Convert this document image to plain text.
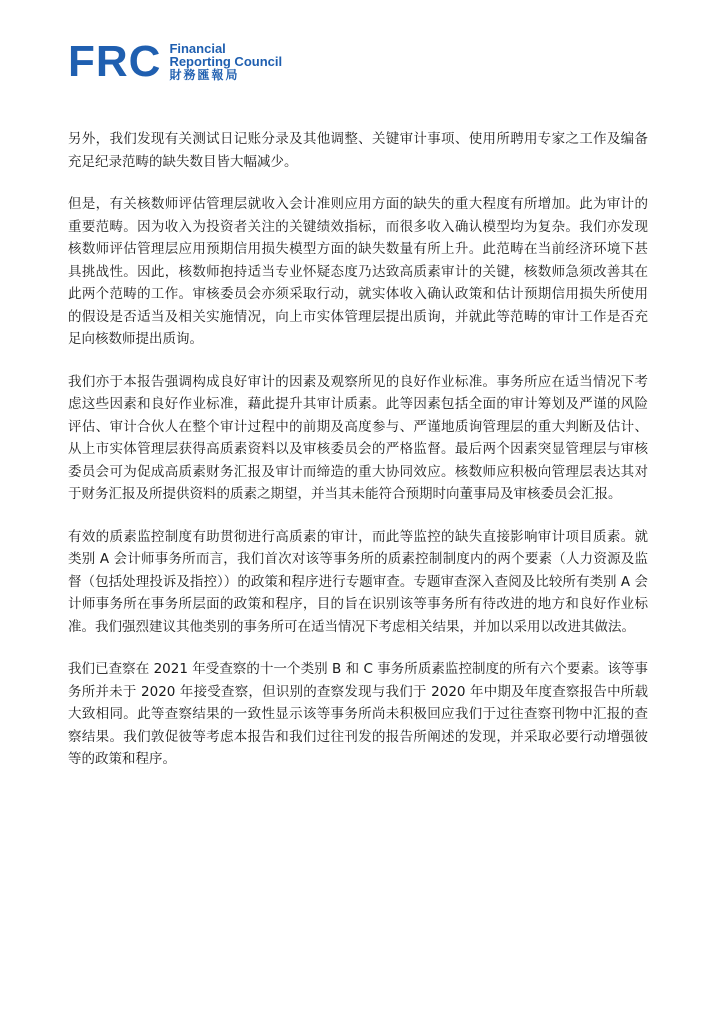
FRC Financial
Reporting Council
財務匯報局

另外，我们发现有关测试日记账分录及其他调整、关键审计事项、使用所聘用专家之工作及编备充足纪录范畴的缺失数目皆大幅减少。

但是，有关核数师评估管理层就收入会计准则应用方面的缺失的重大程度有所增加。此为审计的重要范畴。因为收入为投资者关注的关键绩效指标，而很多收入确认模型均为复杂。我们亦发现核数师评估管理层应用预期信用损失模型方面的缺失数量有所上升。此范畴在当前经济环境下甚具挑战性。因此，核数师抱持适当专业怀疑态度乃达致高质素审计的关键，核数师急须改善其在此两个范畴的工作。审核委员会亦须采取行动，就实体收入确认政策和估计预期信用损失所使用的假设是否适当及相关实施情况，向上市实体管理层提出质询，并就此等范畴的审计工作是否充足向核数师提出质询。

我们亦于本报告强调构成良好审计的因素及观察所见的良好作业标准。事务所应在适当情况下考虑这些因素和良好作业标准，藉此提升其审计质素。此等因素包括全面的审计筹划及严谨的风险评估、审计合伙人在整个审计过程中的前期及高度参与、严谨地质询管理层的重大判断及估计、从上市实体管理层获得高质素资料以及审核委员会的严格监督。最后两个因素突显管理层与审核委员会可为促成高质素财务汇报及审计而缔造的重大协同效应。核数师应积极向管理层表达其对于财务汇报及所提供资料的质素之期望，并当其未能符合预期时向董事局及审核委员会汇报。

有效的质素监控制度有助贯彻进行高质素的审计，而此等监控的缺失直接影响审计项目质素。就类别 A 会计师事务所而言，我们首次对该等事务所的质素控制制度内的两个要素（人力资源及监督（包括处理投诉及指控））的政策和程序进行专题审查。专题审查深入查阅及比较所有类别 A 会计师事务所在事务所层面的政策和程序，目的旨在识别该等事务所有待改进的地方和良好作业标准。我们强烈建议其他类别的事务所可在适当情况下考虑相关结果，并加以采用以改进其做法。

我们已查察在 2021 年受查察的十一个类别 B 和 C 事务所质素监控制度的所有六个要素。该等事务所并未于 2020 年接受查察，但识别的查察发现与我们于 2020 年中期及年度查察报告中所载大致相同。此等查察结果的一致性显示该等事务所尚未积极回应我们于过往查察刊物中汇报的查察结果。我们敦促彼等考虑本报告和我们过往刊发的报告所阐述的发现，并采取必要行动增强彼等的政策和程序。
